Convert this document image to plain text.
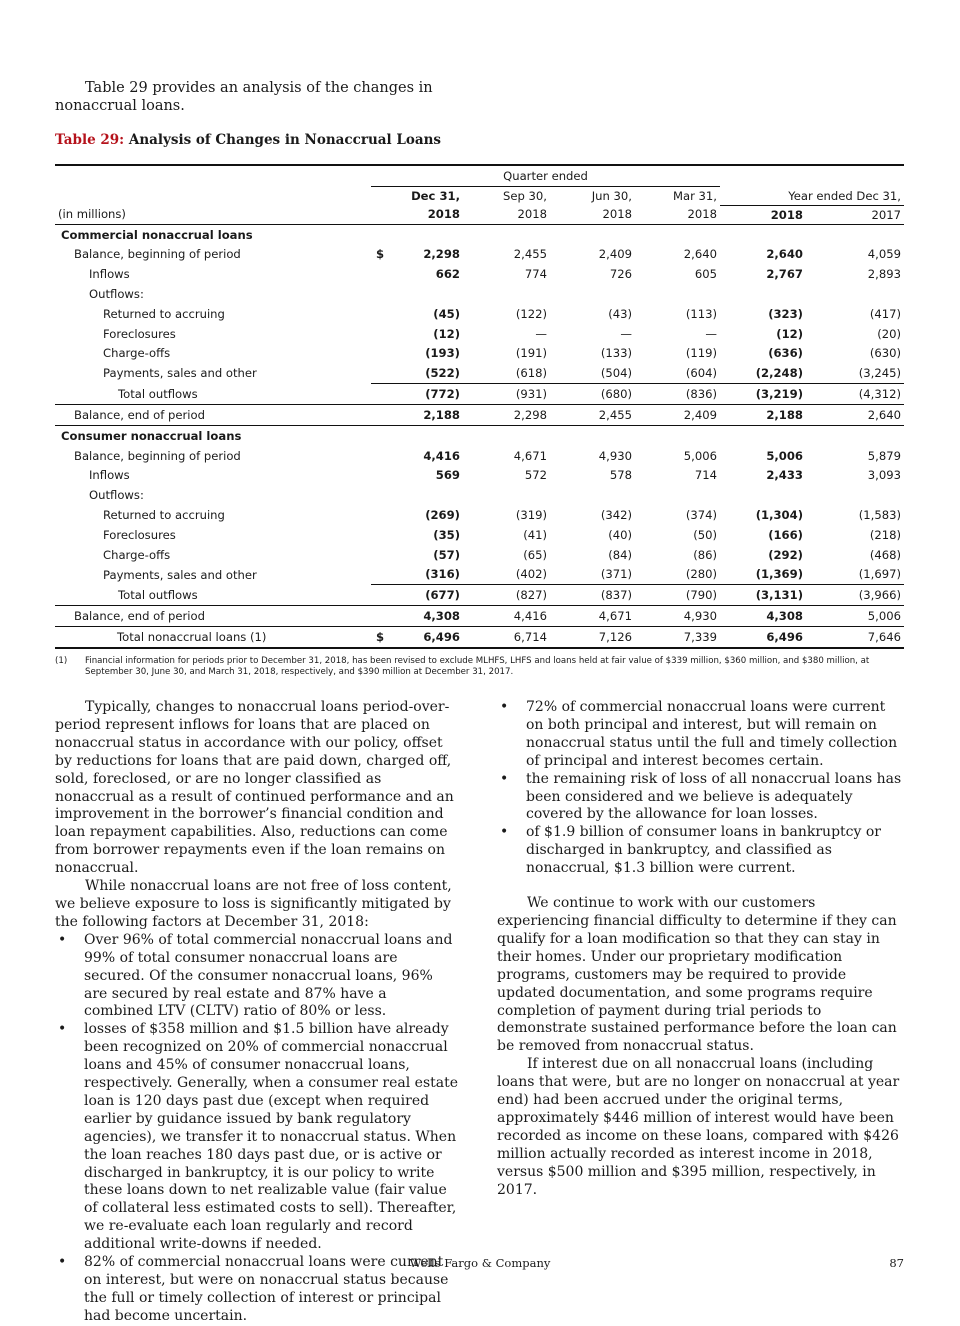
Table 29 provides an analysis of the changes in nonaccrual loans.
Table 29: Analysis of Changes in Nonaccrual Loans

	Quarter ended					
	Dec 31,	Sep 30,	Jun 30,	Mar 31,	Year ended Dec 31,	
(in millions)	2018	2018	2018	2018	2018	2017
Commercial nonaccrual loans						
Balance, beginning of period	$ 2,298	2,455	2,409	2,640	2,640	4,059
Inflows	662	774	726	605	2,767	2,893
Outflows:						
Returned to accruing	(45)	(122)	(43)	(113)	(323)	(417)
Foreclosures	(12)	—	—	—	(12)	(20)
Charge-offs	(193)	(191)	(133)	(119)	(636)	(630)
Payments, sales and other	(522)	(618)	(504)	(604)	(2,248)	(3,245)
Total outflows	(772)	(931)	(680)	(836)	(3,219)	(4,312)
Balance, end of period	2,188	2,298	2,455	2,409	2,188	2,640
Consumer nonaccrual loans						
Balance, beginning of period	4,416	4,671	4,930	5,006	5,006	5,879
Inflows	569	572	578	714	2,433	3,093
Outflows:						
Returned to accruing	(269)	(319)	(342)	(374)	(1,304)	(1,583)
Foreclosures	(35)	(41)	(40)	(50)	(166)	(218)
Charge-offs	(57)	(65)	(84)	(86)	(292)	(468)
Payments, sales and other	(316)	(402)	(371)	(280)	(1,369)	(1,697)
Total outflows	(677)	(827)	(837)	(790)	(3,131)	(3,966)
Balance, end of period	4,308	4,416	4,671	4,930	4,308	5,006
Total nonaccrual loans (1)	$ 6,496	6,714	7,126	7,339	6,496	7,646
(1) Financial information for periods prior to December 31, 2018, has been revised to exclude MLHFS, LHFS and loans held at fair value of $339 million, $360 million, and $380 million, at September 30, June 30, and March 31, 2018, respectively, and $390 million at December 31, 2017.

Typically, changes to nonaccrual loans period-over-period represent inflows for loans that are placed on nonaccrual status in accordance with our policy, offset by reductions for loans that are paid down, charged off, sold, foreclosed, or are no longer classified as nonaccrual as a result of continued performance and an improvement in the borrower’s financial condition and loan repayment capabilities. Also, reductions can come from borrower repayments even if the loan remains on nonaccrual.

While nonaccrual loans are not free of loss content, we believe exposure to loss is significantly mitigated by the following factors at December 31, 2018:

• Over 96% of total commercial nonaccrual loans and 99% of total consumer nonaccrual loans are secured. Of the consumer nonaccrual loans, 96% are secured by real estate and 87% have a combined LTV (CLTV) ratio of 80% or less.
• losses of $358 million and $1.5 billion have already been recognized on 20% of commercial nonaccrual loans and 45% of consumer nonaccrual loans, respectively. Generally, when a consumer real estate loan is 120 days past due (except when required earlier by guidance issued by bank regulatory agencies), we transfer it to nonaccrual status. When the loan reaches 180 days past due, or is active or discharged in bankruptcy, it is our policy to write these loans down to net realizable value (fair value of collateral less estimated costs to sell). Thereafter, we re-evaluate each loan regularly and record additional write-downs if needed.
• 82% of commercial nonaccrual loans were current on interest, but were on nonaccrual status because the full or timely collection of interest or principal had become uncertain.
• 72% of commercial nonaccrual loans were current on both principal and interest, but will remain on nonaccrual status until the full and timely collection of principal and interest becomes certain.
• the remaining risk of loss of all nonaccrual loans has been considered and we believe is adequately covered by the allowance for loan losses.
• of $1.9 billion of consumer loans in bankruptcy or discharged in bankruptcy, and classified as nonaccrual, $1.3 billion were current.

We continue to work with our customers experiencing financial difficulty to determine if they can qualify for a loan modification so that they can stay in their homes. Under our proprietary modification programs, customers may be required to provide updated documentation, and some programs require completion of payment during trial periods to demonstrate sustained performance before the loan can be removed from nonaccrual status.

If interest due on all nonaccrual loans (including loans that were, but are no longer on nonaccrual at year end) had been accrued under the original terms, approximately $446 million of interest would have been recorded as income on these loans, compared with $426 million actually recorded as interest income in 2018, versus $500 million and $395 million, respectively, in 2017.

Wells Fargo & Company	87
